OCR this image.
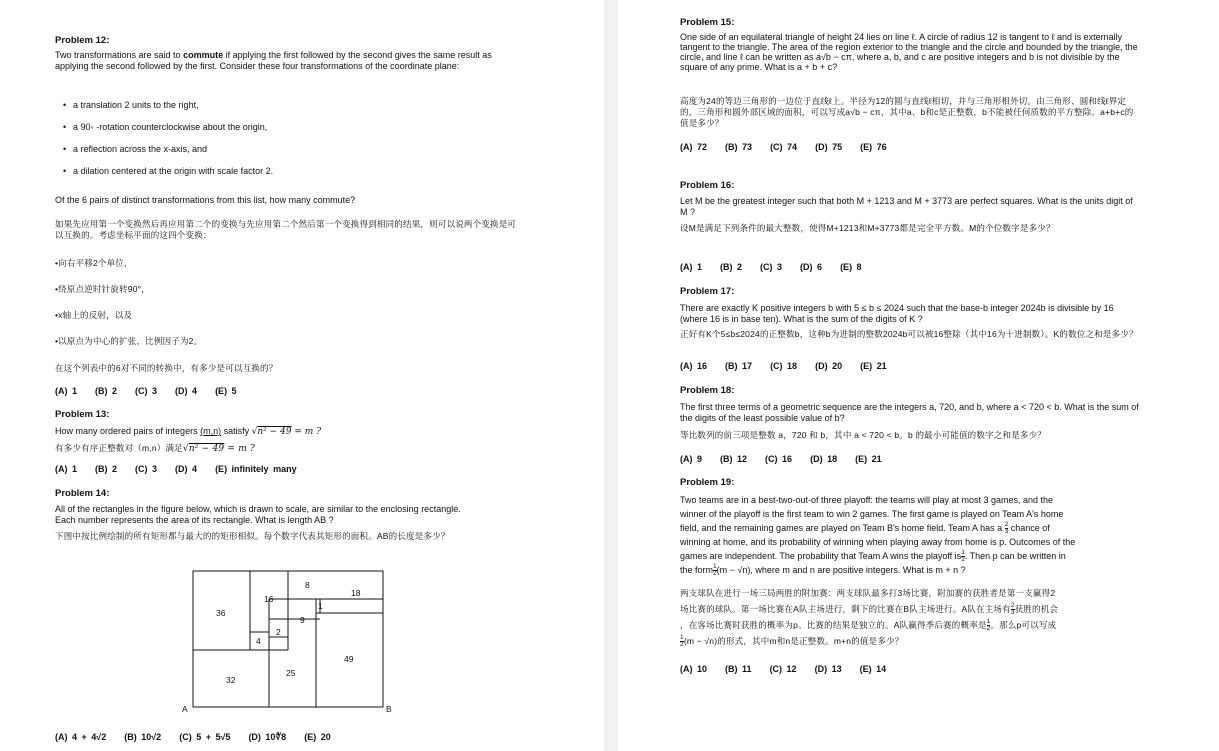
Problem 12:
Two transformations are said to commute if applying the first followed by the second gives the same result as applying the second followed by the first. Consider these four transformations of the coordinate plane:
• a translation 2 units to the right,
• a 90◦ -rotation counterclockwise about the origin,
• a reflection across the x-axis, and
• a dilation centered at the origin with scale factor 2.
Of the 6 pairs of distinct transformations from this list, how many commute?
如果先应用第一个变换然后再应用第二个的变换与先应用第二个然后第一个变换得到相同的结果，则可以说两个变换是可以互换的。考虑坐标平面的这四个变换：
•向右平移2个单位，
•绕原点逆时针旋转90°，
•x轴上的反射，以及
•以原点为中心的扩张，比例因子为2。
在这个列表中的6对不同的转换中，有多少是可以互换的？
(A) 1 (B) 2 (C) 3 (D) 4 (E) 5
Problem 13:
How many ordered pairs of integers (m,n) satisfy √n² − 49 = m ?
有多少有序正整数对（m,n）满足√n² − 49 = m ?
(A) 1 (B) 2 (C) 3 (D) 4 (E) infinitely many
Problem 14:
All of the rectangles in the figure below, which is drawn to scale, are similar to the enclosing rectangle. Each number represents the area of its rectangle. What is length AB ?
下图中按比例绘制的所有矩形都与最大的的矩形相似。每个数字代表其矩形的面积。AB的长度是多少？
36
16
8
18
9
1
4
2
32
25
49
A	B
(A) 4 + 4√2 (B) 10√2 (C) 5 + 5√5 (D) 10∜8 (E) 20
Problem 15:
One side of an equilateral triangle of height 24 lies on line ℓ. A circle of radius 12 is tangent to ℓ and is externally tangent to the triangle. The area of the region exterior to the triangle and the circle and bounded by the triangle, the circle, and line ℓ can be written as a√b − cπ, where a, b, and c are positive integers and b is not divisible by the square of any prime. What is a + b + c?
高度为24的等边三角形的一边位于直线ℓ上。半径为12的圆与直线ℓ相切，并与三角形相外切。由三角形、圆和线ℓ界定的，三角形和圆外部区域的面积，可以写成a√b − cπ，其中a、b和c是正整数，b不能被任何质数的平方整除。a+b+c的值是多少？
(A) 72 (B) 73 (C) 74 (D) 75 (E) 76
Problem 16:
Let M be the greatest integer such that both M + 1213 and M + 3773 are perfect squares. What is the units digit of M ?
设M是满足下列条件的最大整数，使得M+1213和M+3773都是完全平方数。M的个位数字是多少？
(A) 1 (B) 2 (C) 3 (D) 6 (E) 8
Problem 17:
There are exactly K positive integers b with 5 ≤ b ≤ 2024 such that the base-b integer 2024b is divisible by 16 (where 16 is in base ten). What is the sum of the digits of K ?
正好有K个5≤b≤2024的正整数b，这种b为进制的整数2024b可以被16整除（其中16为十进制数）。K的数位之和是多少？
(A) 16 (B) 17 (C) 18 (D) 20 (E) 21
Problem 18:
The first three terms of a geometric sequence are the integers a, 720, and b, where a < 720 < b. What is the sum of the digits of the least possible value of b?
等比数列的前三项是整数 a，720 和 b，其中 a < 720 < b。b 的最小可能值的数字之和是多少？
(A) 9 (B) 12 (C) 16 (D) 18 (E) 21
Problem 19:
Two teams are in a best-two-out-of three playoff: the teams will play at most 3 games, and the
winner of the playoff is the first team to win 2 games. The first game is played on Team A's home
field, and the remaining games are played on Team B's home field. Team A has a $\frac{2}{3}$ chance of
winning at home, and its probability of winning when playing away from home is p. Outcomes of the
games are independent. The probability that Team A wins the playoff is $\frac{1}{2}$ . Then p can be written in
the form $\frac{1}{2} (m - √n)$, where m and n are positive integers. What is m + n ?
两支球队在进行一场三局两胜的附加赛：两支球队最多打3场比赛，附加赛的获胜者是第一支赢得2
场比赛的球队。第一场比赛在A队主场进行，剩下的比赛在B队主场进行。A队在主场有 $\frac{2}{3}$ 获胜的机会
，在客场比赛时获胜的概率为p。比赛的结果是独立的。A队赢得季后赛的概率是 $\frac{1}{2}$ 。那么p可以写成
$\frac{1}{2} (m - √n)$的形式，其中m和n是正整数。m+n的值是多少？
(A) 10 (B) 11 (C) 12 (D) 13 (E) 14
